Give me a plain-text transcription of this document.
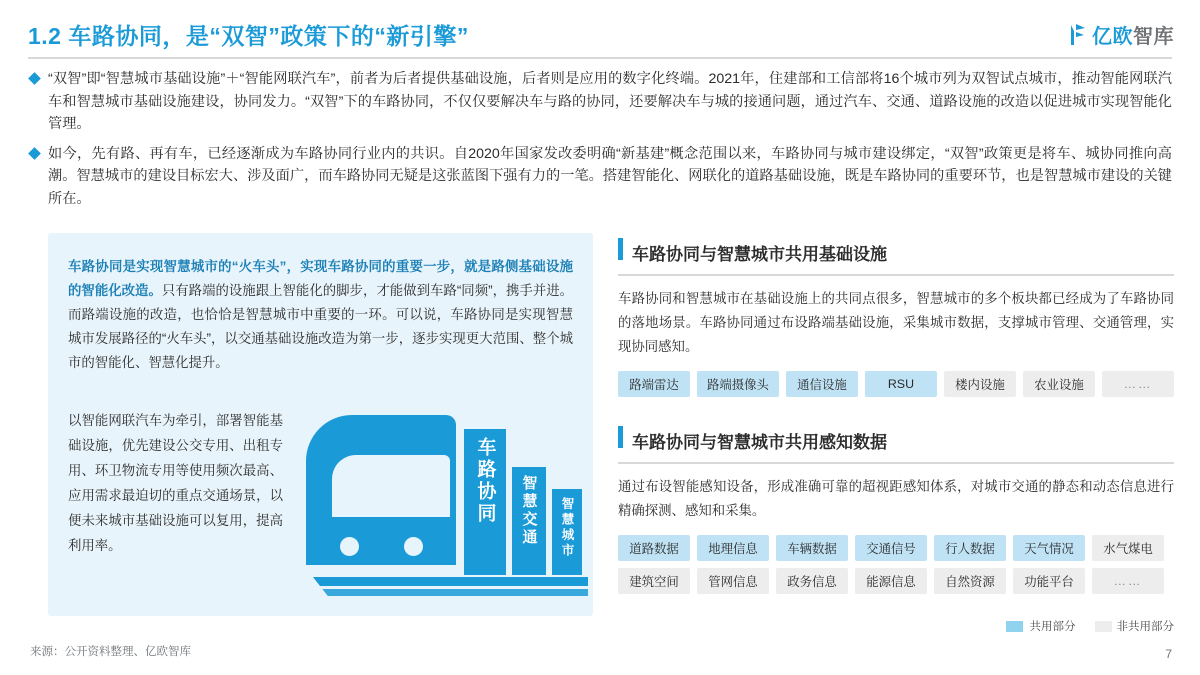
1.2 车路协同，是“双智”政策下的“新引擎”	亿欧智库
“双智”即“智慧城市基础设施”＋“智能网联汽车”，前者为后者提供基础设施，后者则是应用的数字化终端。2021年，住建部和工信部将16个城市列为双智试点城市，推动智能网联汽车和智慧城市基础设施建设，协同发力。“双智”下的车路协同，不仅仅要解决车与路的协同，还要解决车与城的接通问题，通过汽车、交通、道路设施的改造以促进城市实现智能化管理。
如今，先有路、再有车，已经逐渐成为车路协同行业内的共识。自2020年国家发改委明确“新基建”概念范围以来，车路协同与城市建设绑定，“双智”政策更是将车、城协同推向高潮。智慧城市的建设目标宏大、涉及面广，而车路协同无疑是这张蓝图下强有力的一笔。搭建智能化、网联化的道路基础设施，既是车路协同的重要环节，也是智慧城市建设的关键所在。
车路协同是实现智慧城市的“火车头”，实现车路协同的重要一步，就是路侧基础设施的智能化改造。只有路端的设施跟上智能化的脚步，才能做到车路“同频”，携手并进。而路端设施的改造，也恰恰是智慧城市中重要的一环。可以说，车路协同是实现智慧城市发展路径的“火车头”，以交通基础设施改造为第一步，逐步实现更大范围、整个城市的智能化、智慧化提升。
以智能网联汽车为牵引，部署智能基础设施，优先建设公交专用、出租专用、环卫物流专用等使用频次最高、应用需求最迫切的重点交通场景，以便未来城市基础设施可以复用，提高利用率。
车路协同	智慧交通	智慧城市
车路协同与智慧城市共用基础设施
车路协同和智慧城市在基础设施上的共同点很多，智慧城市的多个板块都已经成为了车路协同的落地场景。车路协同通过布设路端基础设施，采集城市数据，支撑城市管理、交通管理，实现协同感知。
路端雷达	路端摄像头	通信设施	RSU	楼内设施	农业设施	……
车路协同与智慧城市共用感知数据
通过布设智能感知设备，形成准确可靠的超视距感知体系，对城市交通的静态和动态信息进行精确探测、感知和采集。
道路数据	地理信息	车辆数据	交通信号	行人数据	天气情况	水气煤电
建筑空间	管网信息	政务信息	能源信息	自然资源	功能平台	……
共用部分	非共用部分
来源：公开资料整理、亿欧智库	7
